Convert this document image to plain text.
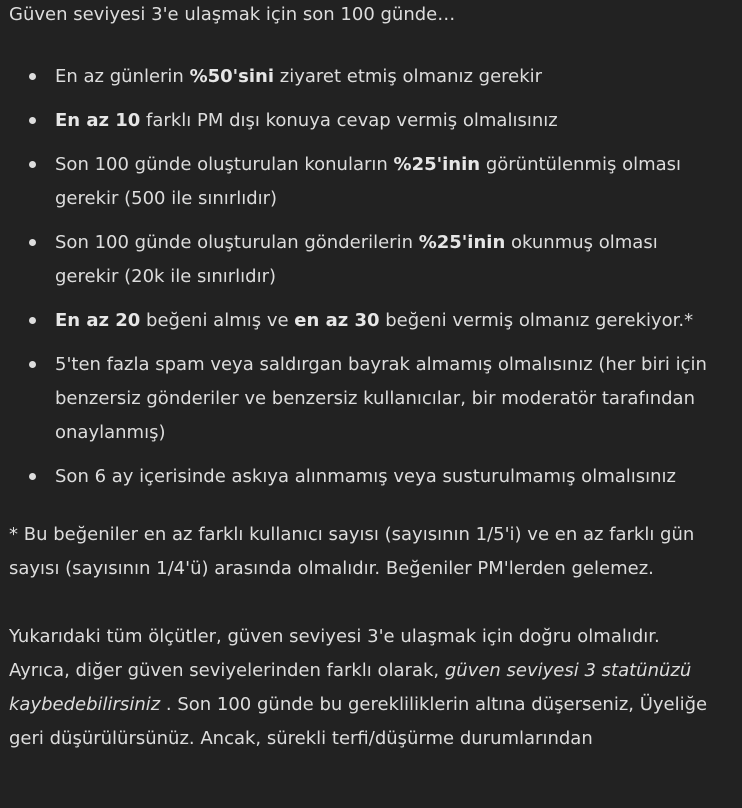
Güven seviyesi 3'e ulaşmak için son 100 günde…

En az günlerin %50'sini ziyaret etmiş olmanız gerekir
En az 10 farklı PM dışı konuya cevap vermiş olmalısınız
Son 100 günde oluşturulan konuların %25'inin görüntülenmiş olması gerekir (500 ile sınırlıdır)
Son 100 günde oluşturulan gönderilerin %25'inin okunmuş olması gerekir (20k ile sınırlıdır)
En az 20 beğeni almış ve en az 30 beğeni vermiş olmanız gerekiyor.*
5'ten fazla spam veya saldırgan bayrak almamış olmalısınız (her biri için benzersiz gönderiler ve benzersiz kullanıcılar, bir moderatör tarafından onaylanmış)
Son 6 ay içerisinde askıya alınmamış veya susturulmamış olmalısınız

* Bu beğeniler en az farklı kullanıcı sayısı (sayısının 1/5'i) ve en az farklı gün sayısı (sayısının 1/4'ü) arasında olmalıdır. Beğeniler PM'lerden gelemez.

Yukarıdaki tüm ölçütler, güven seviyesi 3'e ulaşmak için doğru olmalıdır. Ayrıca, diğer güven seviyelerinden farklı olarak, güven seviyesi 3 statünüzü kaybedebilirsiniz . Son 100 günde bu gerekliliklerin altına düşerseniz, Üyeliğe geri düşürülürsünüz. Ancak, sürekli terfi/düşürme durumlarından
